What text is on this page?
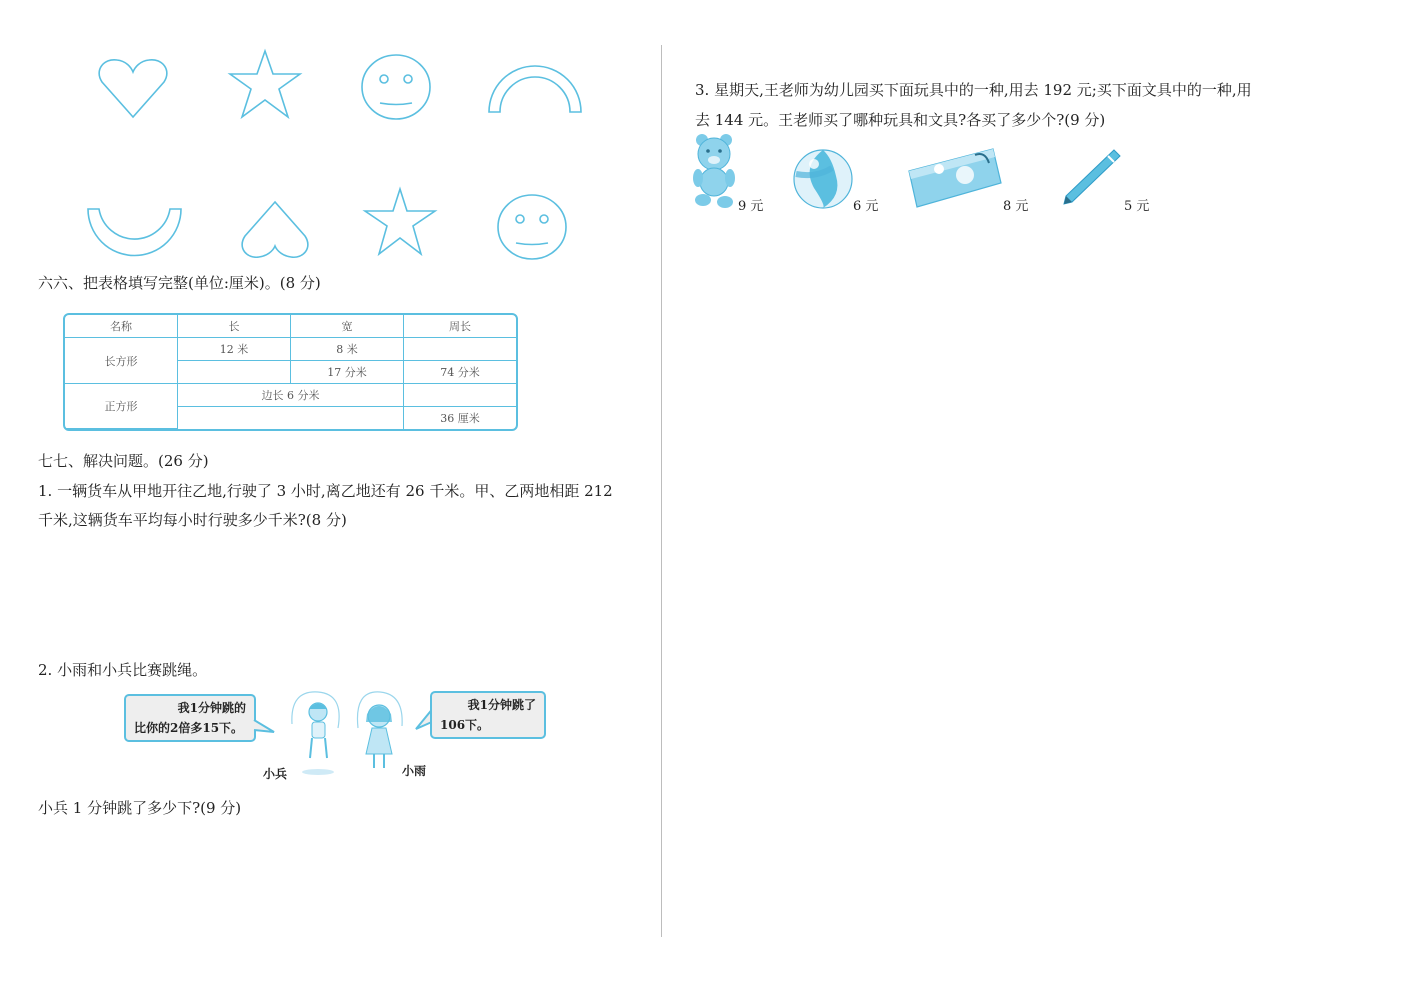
六六、把表格填写完整(单位:厘米)。(8 分)
名称	长	宽	周长
长方形	12 米	8 米	
		17 分米	74 分米
正方形	边长 6 分米		
			36 厘米
七七、解决问题。(26 分)
1. 一辆货车从甲地开往乙地,行驶了 3 小时,离乙地还有 26 千米。甲、乙两地相距 212
千米,这辆货车平均每小时行驶多少千米?(8 分)
2. 小雨和小兵比赛跳绳。
我1分钟跳的
比你的2倍多15下。
小兵	小雨
我1分钟跳了
106下。
小兵 1 分钟跳了多少下?(9 分)
3. 星期天,王老师为幼儿园买下面玩具中的一种,用去 192 元;买下面文具中的一种,用
去 144 元。王老师买了哪种玩具和文具?各买了多少个?(9 分)
9 元	6 元	8 元	5 元
